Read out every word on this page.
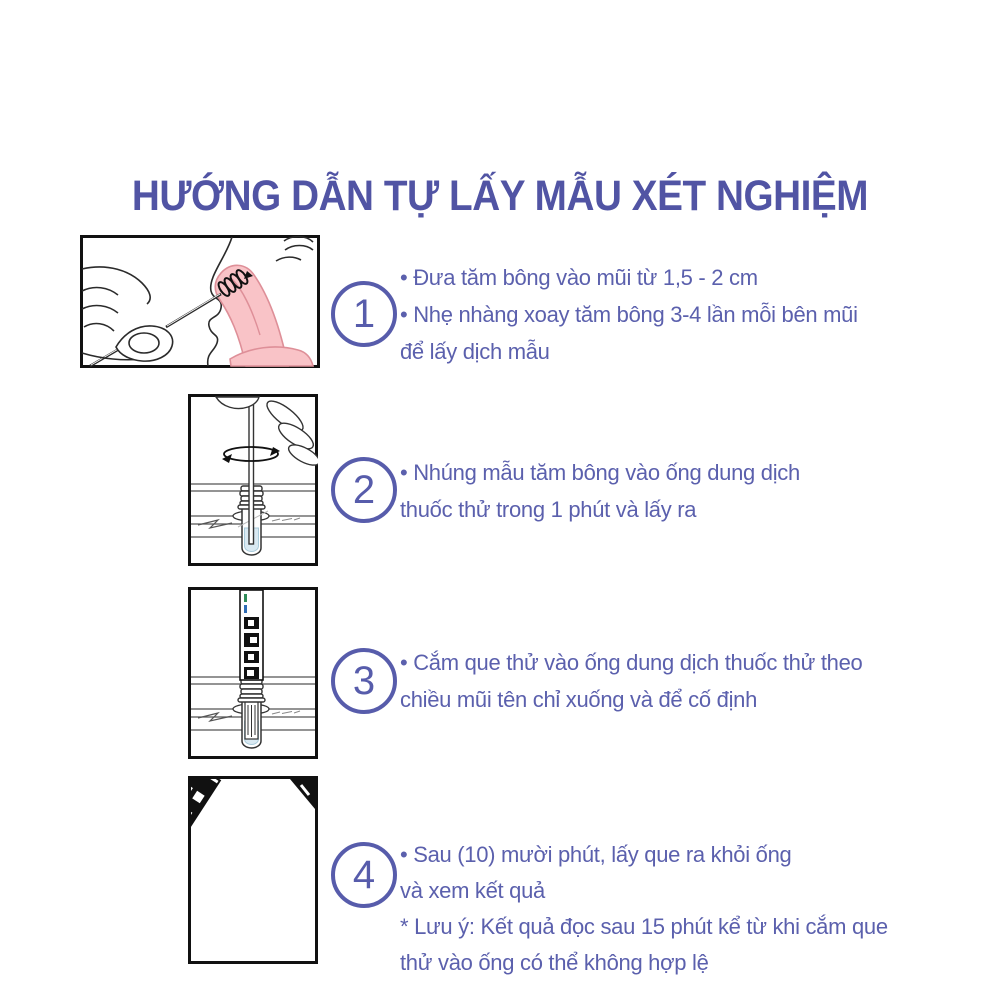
HƯỚNG DẪN TỰ LẤY MẪU XÉT NGHIỆM
1
• Đưa tăm bông vào mũi từ 1,5 - 2 cm
• Nhẹ nhàng xoay tăm bông 3-4 lần mỗi bên mũi
để lấy dịch mẫu
2 • Nhúng mẫu tăm bông vào ống dung dịch
thuốc thử trong 1 phút và lấy ra
3 • Cắm que thử vào ống dung dịch thuốc thử theo
chiều mũi tên chỉ xuống và để cố định
4 • Sau (10) mười phút, lấy que ra khỏi ống
và xem kết quả
* Lưu ý: Kết quả đọc sau 15 phút kể từ khi cắm que
thử vào ống có thể không hợp lệ
